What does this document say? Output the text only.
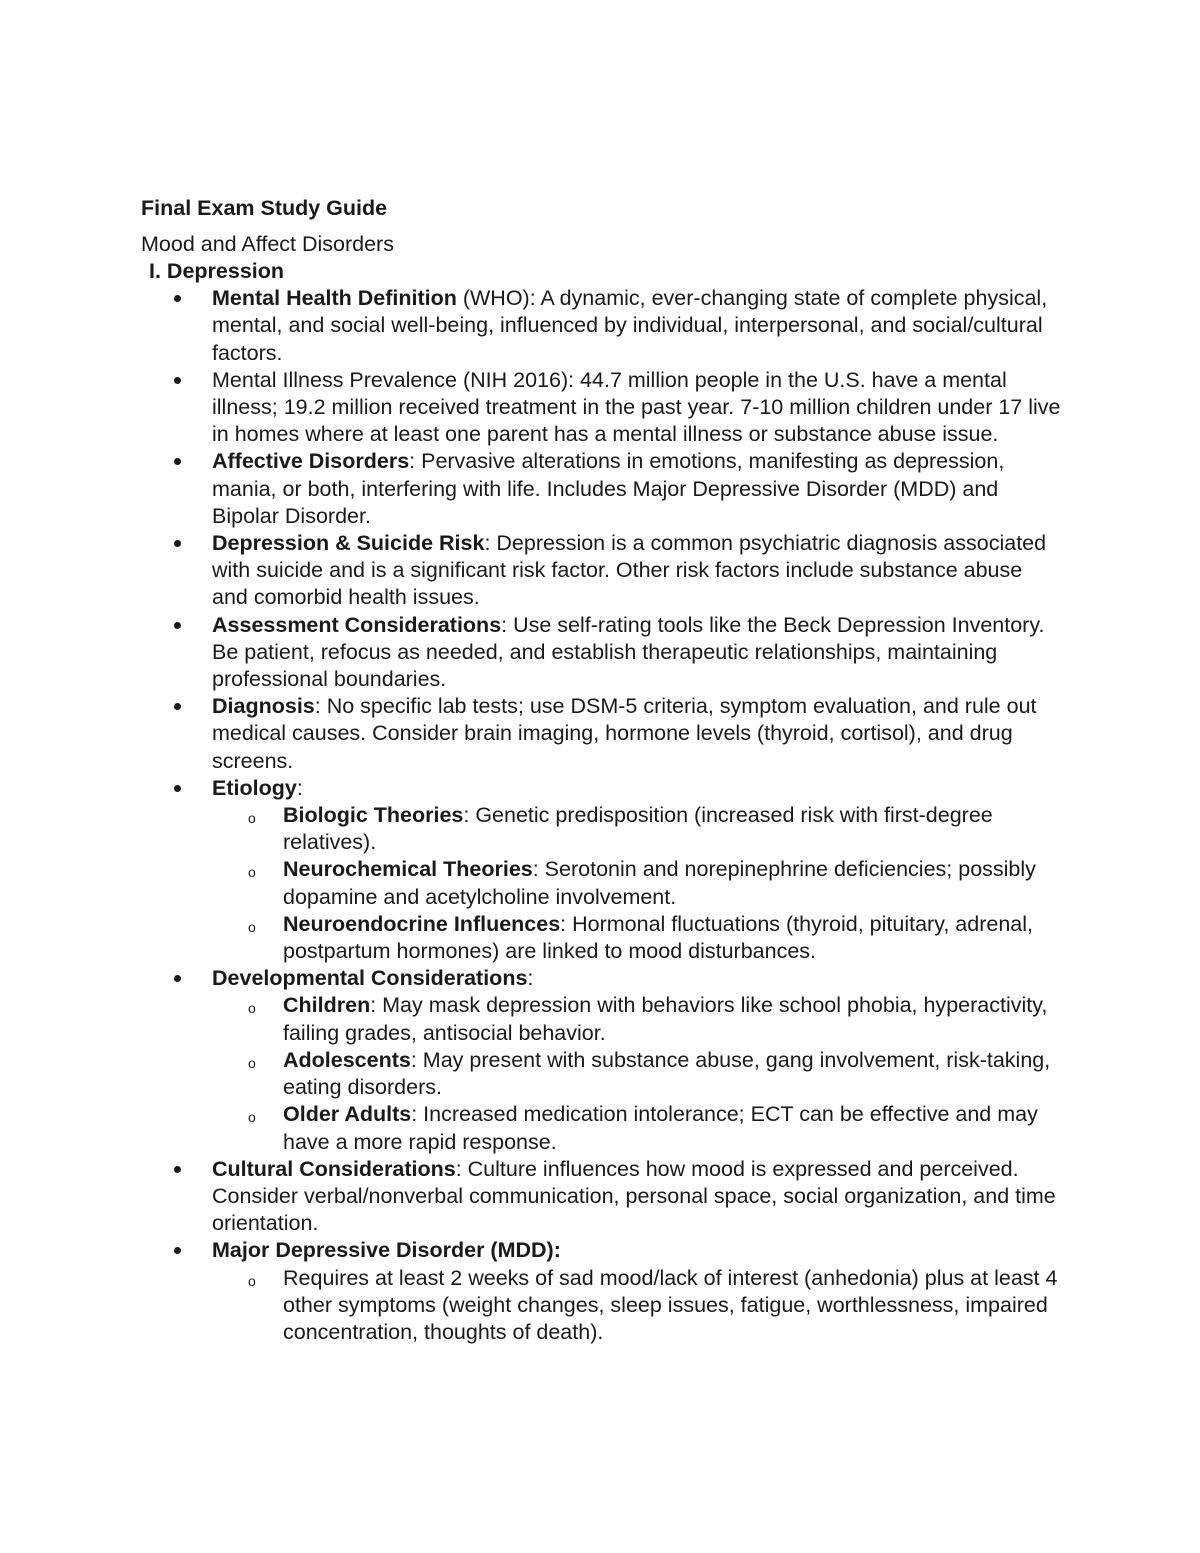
Final Exam Study Guide
Mood and Affect Disorders
I. Depression
Mental Health Definition (WHO): A dynamic, ever-changing state of complete physical, mental, and social well-being, influenced by individual, interpersonal, and social/cultural factors.
Mental Illness Prevalence (NIH 2016): 44.7 million people in the U.S. have a mental illness; 19.2 million received treatment in the past year. 7-10 million children under 17 live in homes where at least one parent has a mental illness or substance abuse issue.
Affective Disorders: Pervasive alterations in emotions, manifesting as depression, mania, or both, interfering with life. Includes Major Depressive Disorder (MDD) and Bipolar Disorder.
Depression & Suicide Risk: Depression is a common psychiatric diagnosis associated with suicide and is a significant risk factor. Other risk factors include substance abuse and comorbid health issues.
Assessment Considerations: Use self-rating tools like the Beck Depression Inventory. Be patient, refocus as needed, and establish therapeutic relationships, maintaining professional boundaries.
Diagnosis: No specific lab tests; use DSM-5 criteria, symptom evaluation, and rule out medical causes. Consider brain imaging, hormone levels (thyroid, cortisol), and drug screens.
Etiology:
o Biologic Theories: Genetic predisposition (increased risk with first-degree relatives).
o Neurochemical Theories: Serotonin and norepinephrine deficiencies; possibly dopamine and acetylcholine involvement.
o Neuroendocrine Influences: Hormonal fluctuations (thyroid, pituitary, adrenal, postpartum hormones) are linked to mood disturbances.
Developmental Considerations:
o Children: May mask depression with behaviors like school phobia, hyperactivity, failing grades, antisocial behavior.
o Adolescents: May present with substance abuse, gang involvement, risk-taking, eating disorders.
o Older Adults: Increased medication intolerance; ECT can be effective and may have a more rapid response.
Cultural Considerations: Culture influences how mood is expressed and perceived. Consider verbal/nonverbal communication, personal space, social organization, and time orientation.
Major Depressive Disorder (MDD):
o Requires at least 2 weeks of sad mood/lack of interest (anhedonia) plus at least 4 other symptoms (weight changes, sleep issues, fatigue, worthlessness, impaired concentration, thoughts of death).
